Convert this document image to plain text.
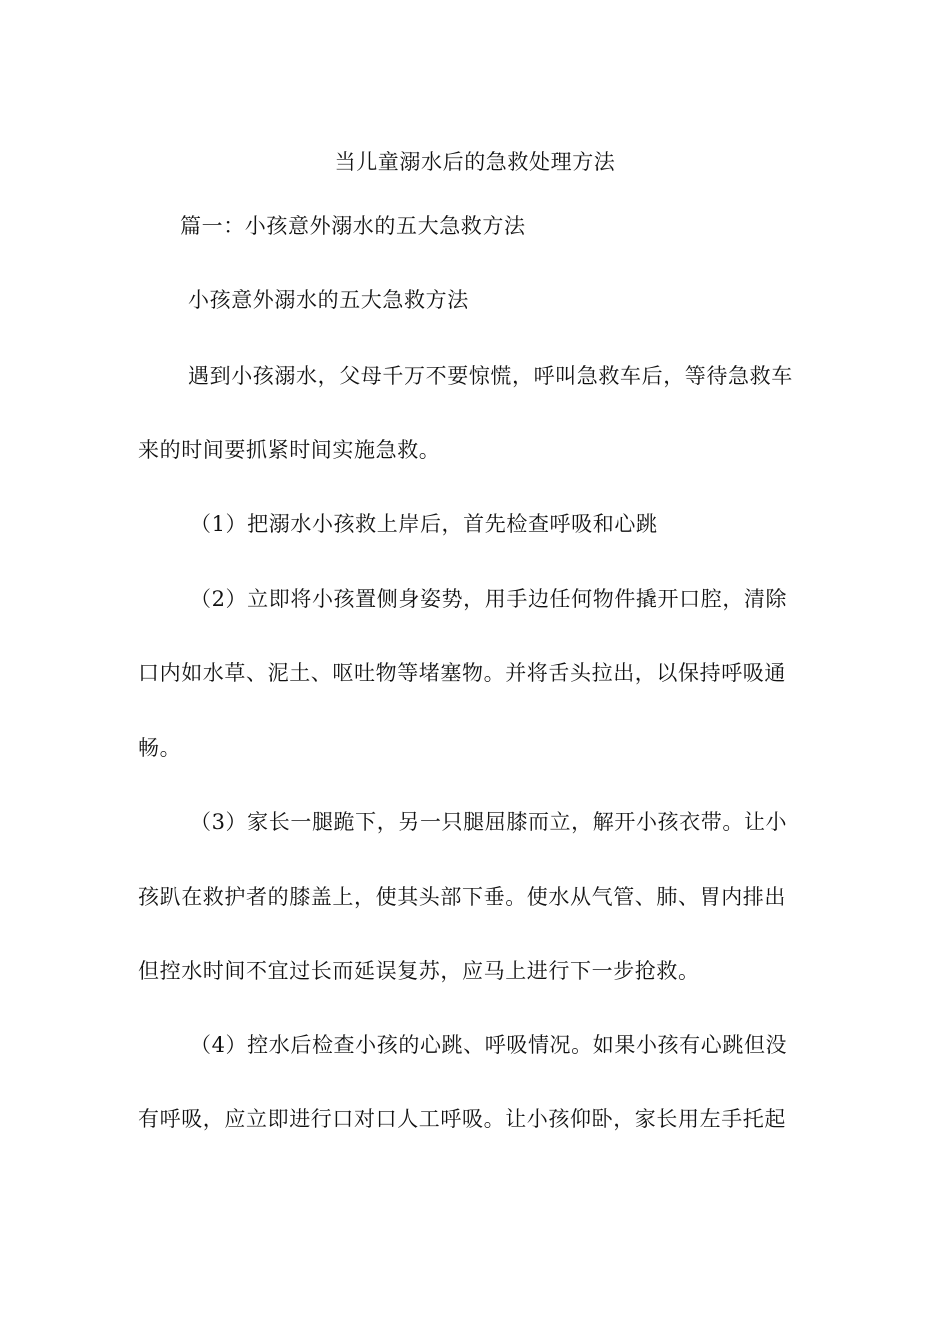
当儿童溺水后的急救处理方法
篇一：小孩意外溺水的五大急救方法
小孩意外溺水的五大急救方法
遇到小孩溺水，父母千万不要惊慌，呼叫急救车后，等待急救车
来的时间要抓紧时间实施急救。
（1）把溺水小孩救上岸后，首先检查呼吸和心跳
（2）立即将小孩置侧身姿势，用手边任何物件撬开口腔，清除
口内如水草、泥土、呕吐物等堵塞物。并将舌头拉出，以保持呼吸通
畅。
（3）家长一腿跪下，另一只腿屈膝而立，解开小孩衣带。让小
孩趴在救护者的膝盖上，使其头部下垂。使水从气管、肺、胃内排出
但控水时间不宜过长而延误复苏，应马上进行下一步抢救。
（4）控水后检查小孩的心跳、呼吸情况。如果小孩有心跳但没
有呼吸，应立即进行口对口人工呼吸。让小孩仰卧，家长用左手托起
